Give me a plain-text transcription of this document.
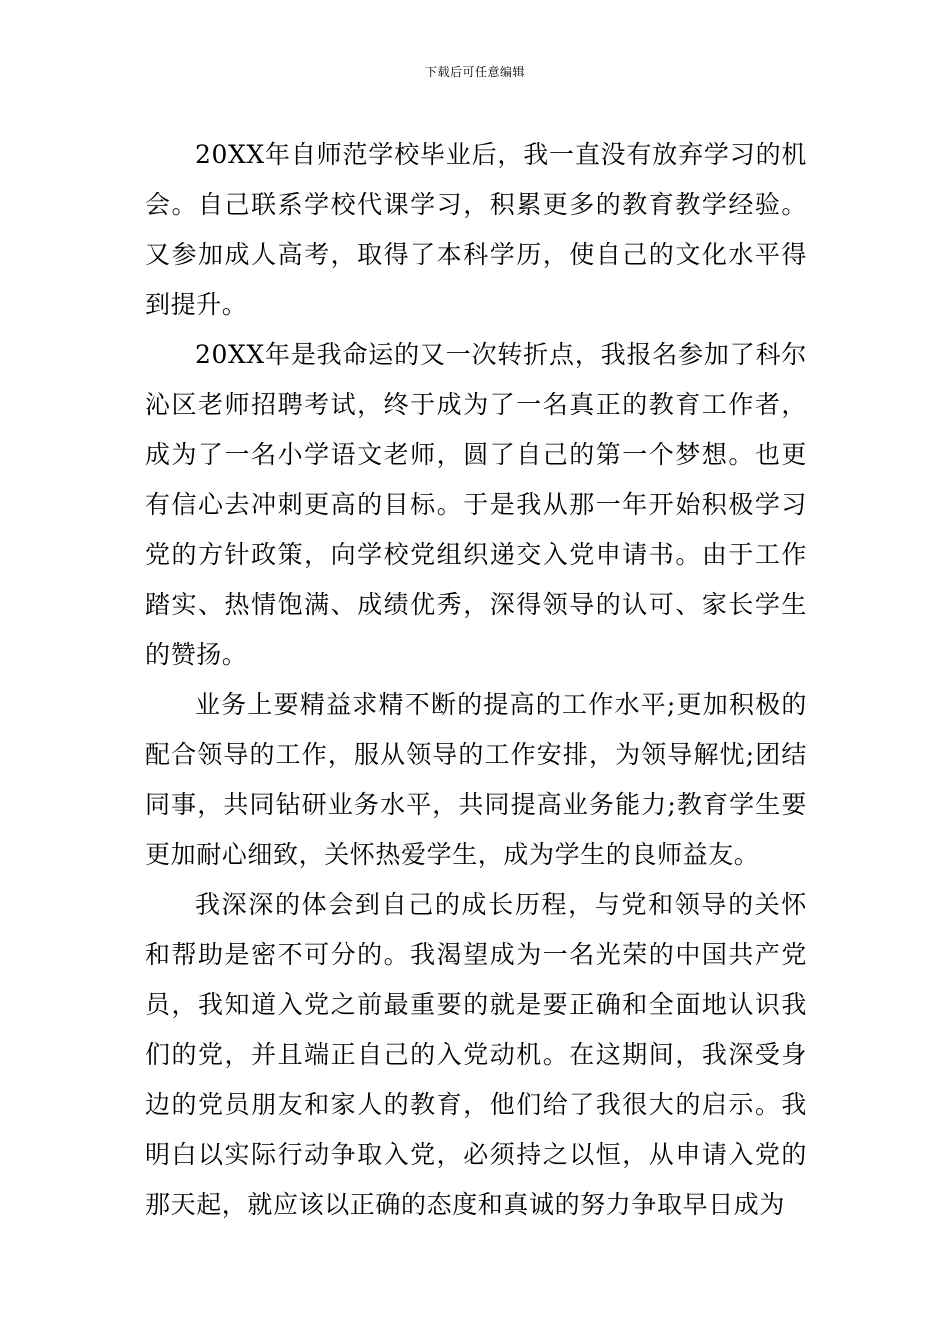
下载后可任意编辑

20XX年自师范学校毕业后，我一直没有放弃学习的机会。自己联系学校代课学习，积累更多的教育教学经验。又参加成人高考，取得了本科学历，使自己的文化水平得到提升。

20XX年是我命运的又一次转折点，我报名参加了科尔沁区老师招聘考试，终于成为了一名真正的教育工作者，成为了一名小学语文老师，圆了自己的第一个梦想。也更有信心去冲刺更高的目标。于是我从那一年开始积极学习党的方针政策，向学校党组织递交入党申请书。由于工作踏实、热情饱满、成绩优秀，深得领导的认可、家长学生的赞扬。

业务上要精益求精不断的提高的工作水平;更加积极的配合领导的工作，服从领导的工作安排，为领导解忧;团结同事，共同钻研业务水平，共同提高业务能力;教育学生要更加耐心细致，关怀热爱学生，成为学生的良师益友。

我深深的体会到自己的成长历程，与党和领导的关怀和帮助是密不可分的。我渴望成为一名光荣的中国共产党员，我知道入党之前最重要的就是要正确和全面地认识我们的党，并且端正自己的入党动机。在这期间，我深受身边的党员朋友和家人的教育，他们给了我很大的启示。我明白以实际行动争取入党，必须持之以恒，从申请入党的那天起，就应该以正确的态度和真诚的努力争取早日成为
